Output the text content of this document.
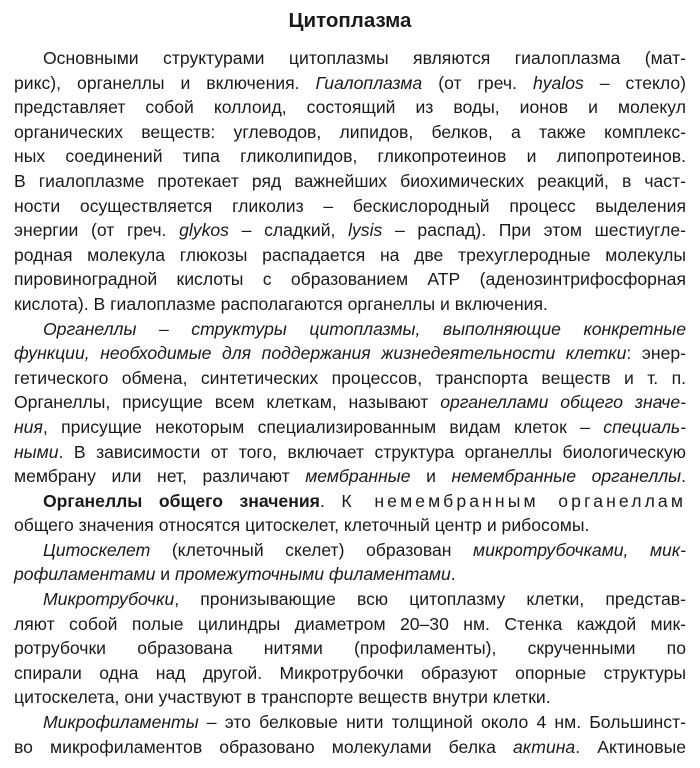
Цитоплазма
Основными структурами цитоплазмы являются гиалоплазма (мат-
рикс), органеллы и включения. Гиалоплазма (от греч. hyalos – стекло)
представляет собой коллоид, состоящий из воды, ионов и молекул
органических веществ: углеводов, липидов, белков, а также комплекс-
ных соединений типа гликолипидов, гликопротеинов и липопротеинов.
В гиалоплазме протекает ряд важнейших биохимических реакций, в част-
ности осуществляется гликолиз – бескислородный процесс выделения
энергии (от греч. glykos – сладкий, lysis – распад). При этом шестиугле-
родная молекула глюкозы распадается на две трехуглеродные молекулы
пировиноградной кислоты с образованием АТР (аденозинтрифосфорная
кислота). В гиалоплазме располагаются органеллы и включения.
Органеллы – структуры цитоплазмы, выполняющие конкретные
функции, необходимые для поддержания жизнедеятельности клетки: энер-
гетического обмена, синтетических процессов, транспорта веществ и т. п.
Органеллы, присущие всем клеткам, называют органеллами общего значе-
ния, присущие некоторым специализированным видам клеток – специаль-
ными. В зависимости от того, включает структура органеллы биологическую
мембрану или нет, различают мембранные и немембранные органеллы.
Органеллы общего значения. К немембранным органеллам
общего значения относятся цитоскелет, клеточный центр и рибосомы.
Цитоскелет (клеточный скелет) образован микротрубочками, мик-
рофиламентами и промежуточными филаментами.
Микротрубочки, пронизывающие всю цитоплазму клетки, представ-
ляют собой полые цилиндры диаметром 20–30 нм. Стенка каждой мик-
ротрубочки образована нитями (профиламенты), скрученными по
спирали одна над другой. Микротрубочки образуют опорные структуры
цитоскелета, они участвуют в транспорте веществ внутри клетки.
Микрофиламенты – это белковые нити толщиной около 4 нм. Большинст-
во микрофиламентов образовано молекулами белка актина. Актиновые
